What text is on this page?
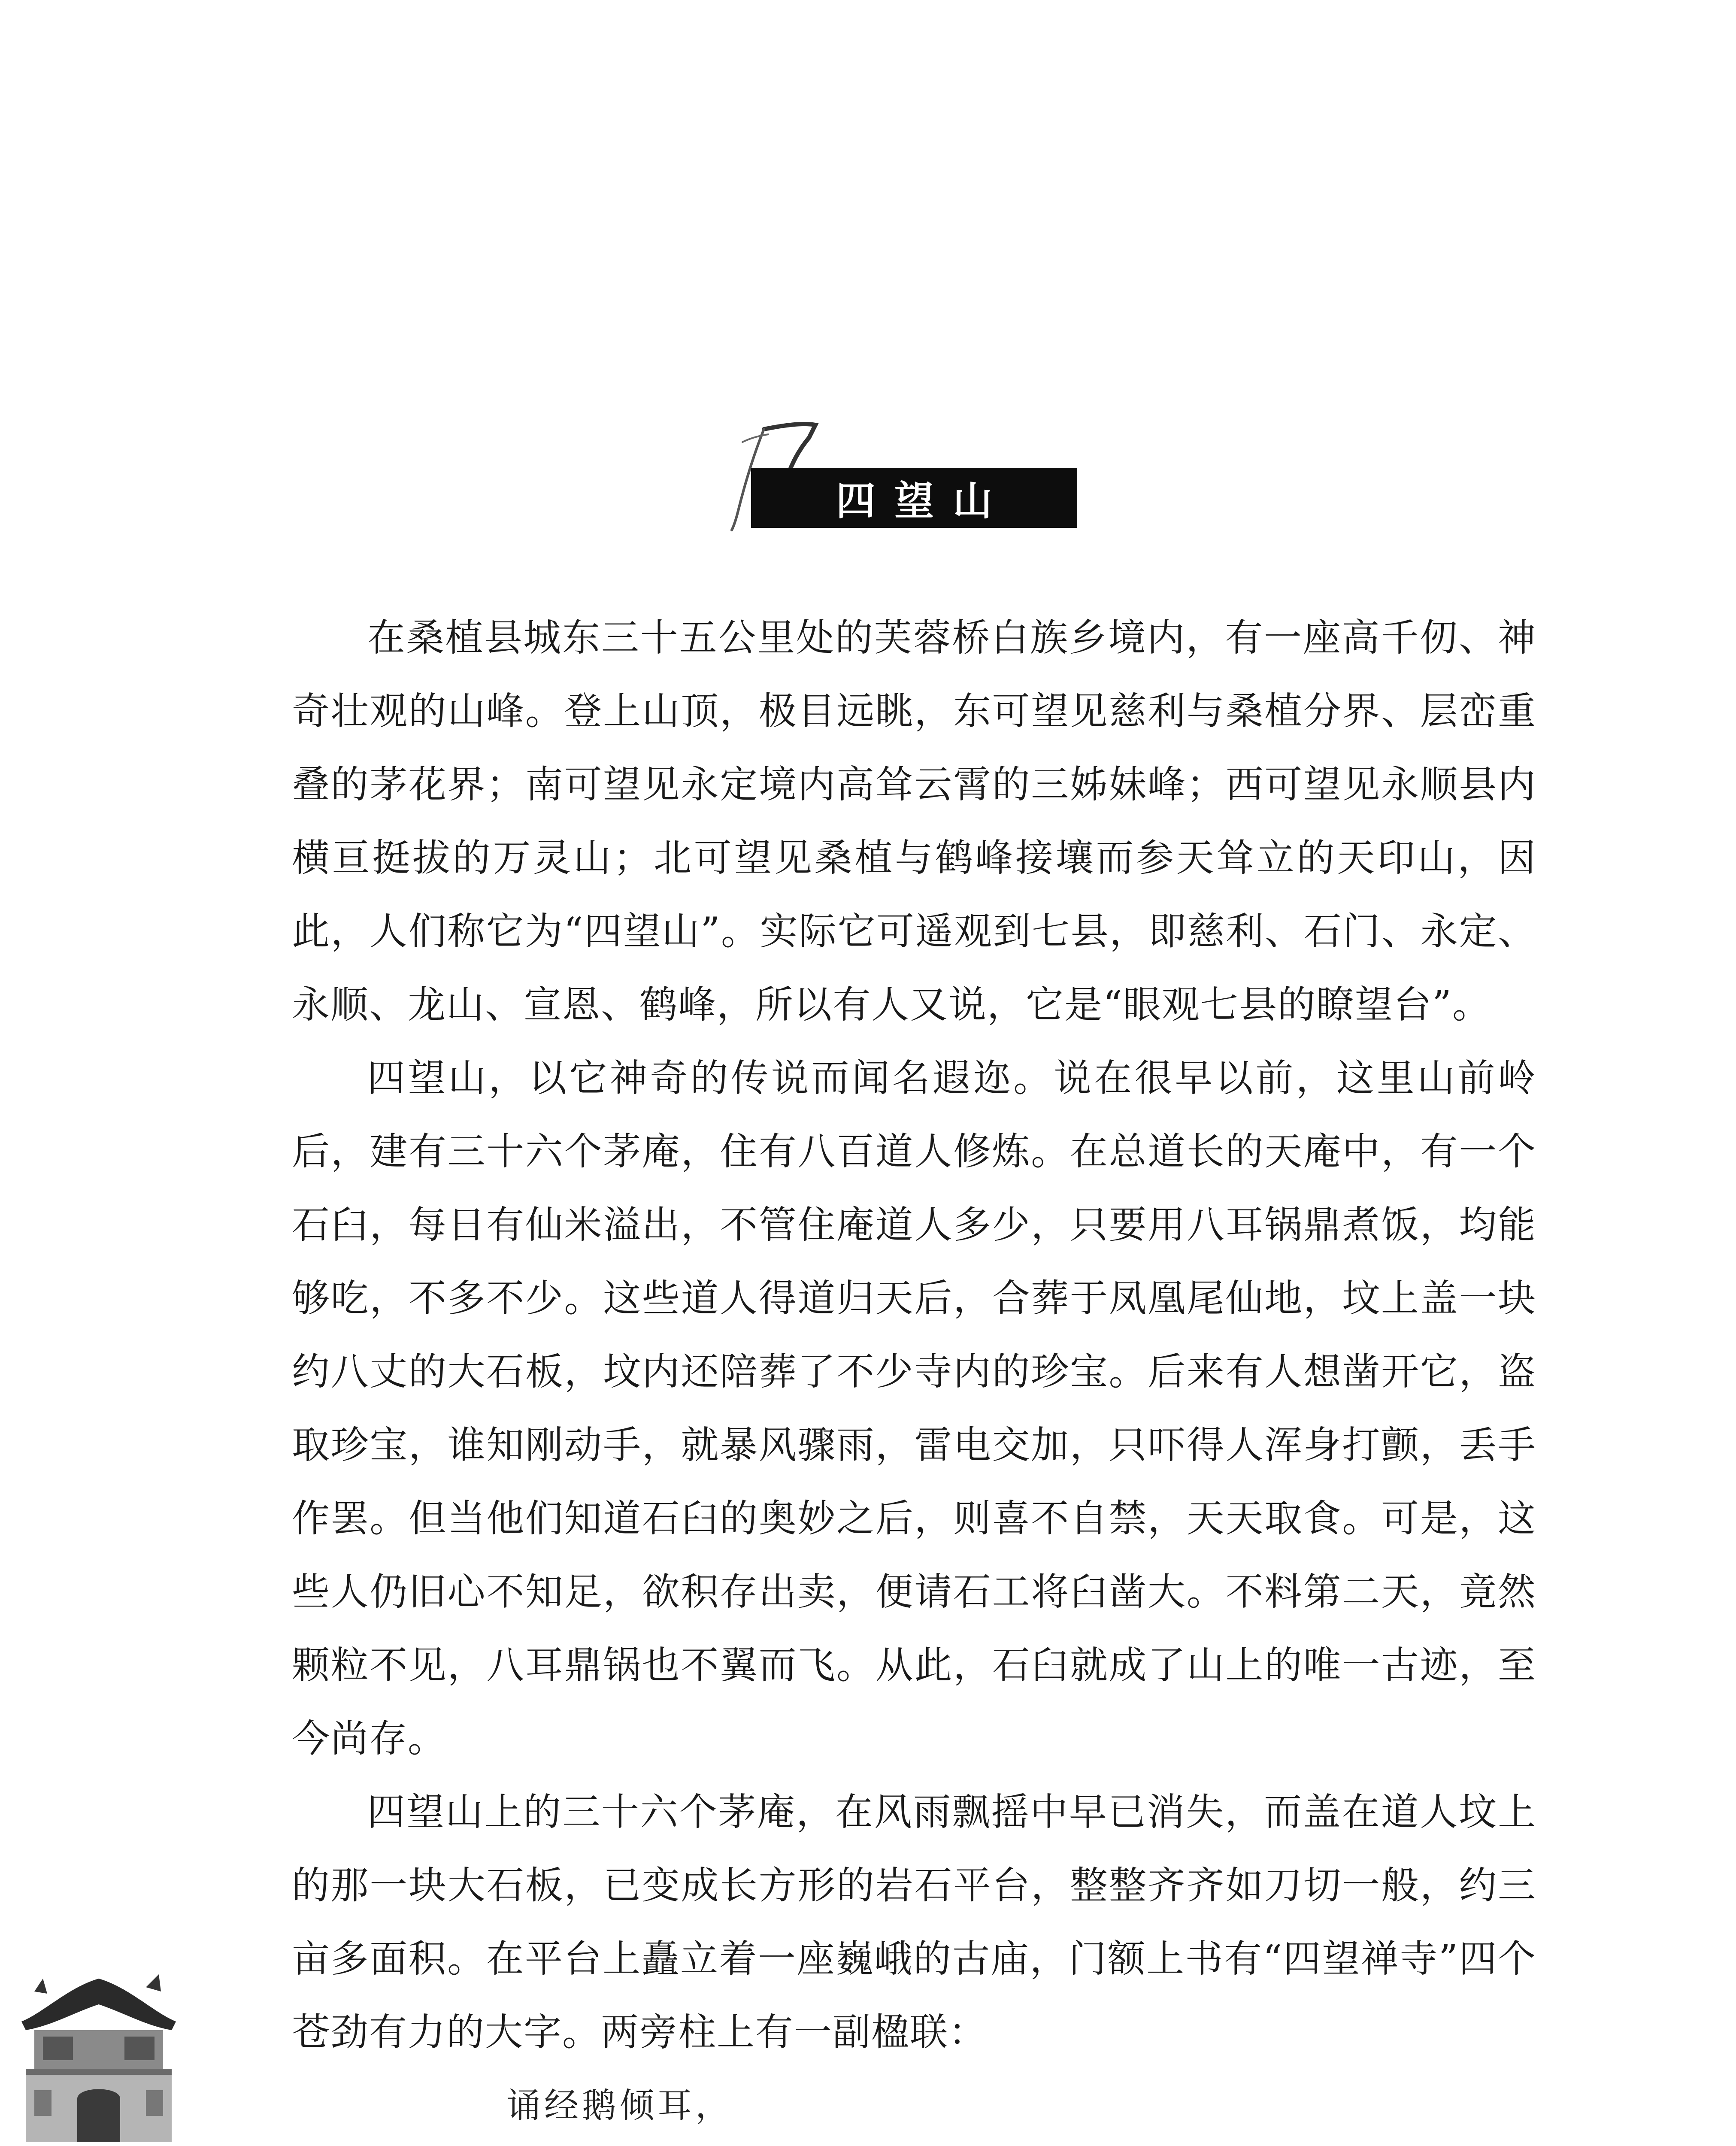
四望山

在桑植县城东三十五公里处的芙蓉桥白族乡境内，有一座高千仞、神奇壮观的山峰。登上山顶，极目远眺，东可望见慈利与桑植分界、层峦重叠的茅花界；南可望见永定境内高耸云霄的三姊妹峰；西可望见永顺县内横亘挺拔的万灵山；北可望见桑植与鹤峰接壤而参天耸立的天印山，因此，人们称它为“四望山”。实际它可遥观到七县，即慈利、石门、永定、永顺、龙山、宣恩、鹤峰，所以有人又说，它是“眼观七县的瞭望台”。

四望山，以它神奇的传说而闻名遐迩。说在很早以前，这里山前岭后，建有三十六个茅庵，住有八百道人修炼。在总道长的天庵中，有一个石臼，每日有仙米溢出，不管住庵道人多少，只要用八耳锅鼎煮饭，均能够吃，不多不少。这些道人得道归天后，合葬于凤凰尾仙地，坟上盖一块约八丈的大石板，坟内还陪葬了不少寺内的珍宝。后来有人想凿开它，盗取珍宝，谁知刚动手，就暴风骤雨，雷电交加，只吓得人浑身打颤，丢手作罢。但当他们知道石臼的奥妙之后，则喜不自禁，天天取食。可是，这些人仍旧心不知足，欲积存出卖，便请石工将臼凿大。不料第二天，竟然颗粒不见，八耳鼎锅也不翼而飞。从此，石臼就成了山上的唯一古迹，至今尚存。

四望山上的三十六个茅庵，在风雨飘摇中早已消失，而盖在道人坟上的那一块大石板，已变成长方形的岩石平台，整整齐齐如刀切一般，约三亩多面积。在平台上矗立着一座巍峨的古庙，门额上书有“四望禅寺”四个苍劲有力的大字。两旁柱上有一副楹联：

诵经鹅倾耳，
